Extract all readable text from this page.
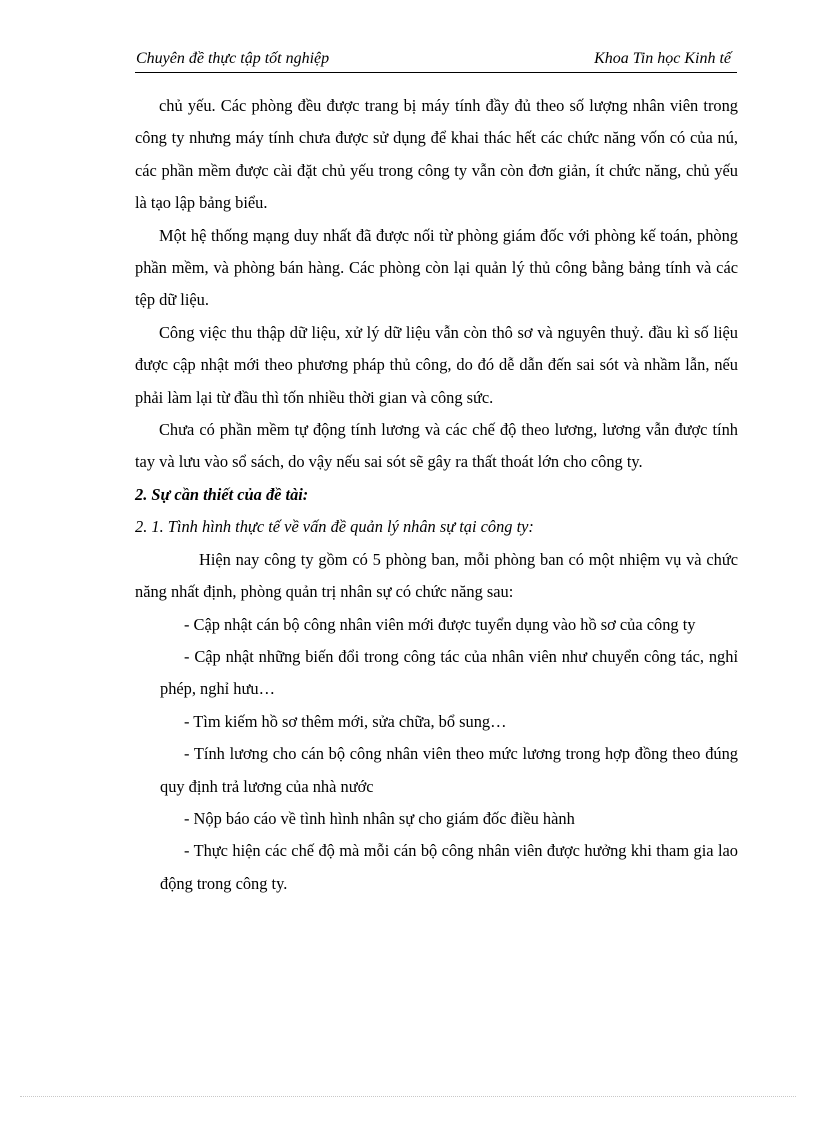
Chuyên đề thực tập tốt nghiệp	Khoa Tin học Kinh tế

chủ yếu. Các phòng đều được trang bị máy tính đầy đủ theo số lượng nhân viên trong công ty nhưng máy tính chưa được sử dụng để khai thác hết các chức năng vốn có của nú, các phần mềm được cài đặt chủ yếu trong công ty vẫn còn đơn giản, ít chức năng, chủ yếu là tạo lập bảng biểu.

Một hệ thống mạng duy nhất đã được nối từ phòng giám đốc với phòng kế toán, phòng phần mềm, và phòng bán hàng. Các phòng còn lại quản lý thủ công bằng bảng tính và các tệp dữ liệu.

Công việc thu thập dữ liệu, xử lý dữ liệu vẫn còn thô sơ và nguyên thuỷ. đầu kì số liệu được cập nhật mới theo phương pháp thủ công, do đó dễ dẫn đến sai sót và nhầm lẫn, nếu phải làm lại từ đầu thì tốn nhiều thời gian và công sức.

Chưa có phần mềm tự động tính lương và các chế độ theo lương, lương vẫn được tính tay và lưu vào sổ sách, do vậy nếu sai sót sẽ gây ra thất thoát lớn cho công ty.

2. Sự cần thiết của đề tài:

2. 1. Tình hình thực tế về vấn đề quản lý nhân sự tại công ty:

Hiện nay công ty gồm có 5 phòng ban, mỗi phòng ban có một nhiệm vụ và chức năng nhất định, phòng quản trị nhân sự có chức năng sau:

- Cập nhật cán bộ công nhân viên mới được tuyển dụng vào hồ sơ của công ty

- Cập nhật những biến đổi trong công tác của nhân viên như chuyển công tác, nghỉ phép, nghỉ hưu…

- Tìm kiếm hồ sơ thêm mới, sửa chữa, bổ sung…

- Tính lương cho cán bộ công nhân viên theo mức lương trong hợp đồng theo đúng quy định trả lương của nhà nước

- Nộp báo cáo về tình hình nhân sự cho giám đốc điều hành

- Thực hiện các chế độ mà mỗi cán bộ công nhân viên được hưởng khi tham gia lao động trong công ty.
